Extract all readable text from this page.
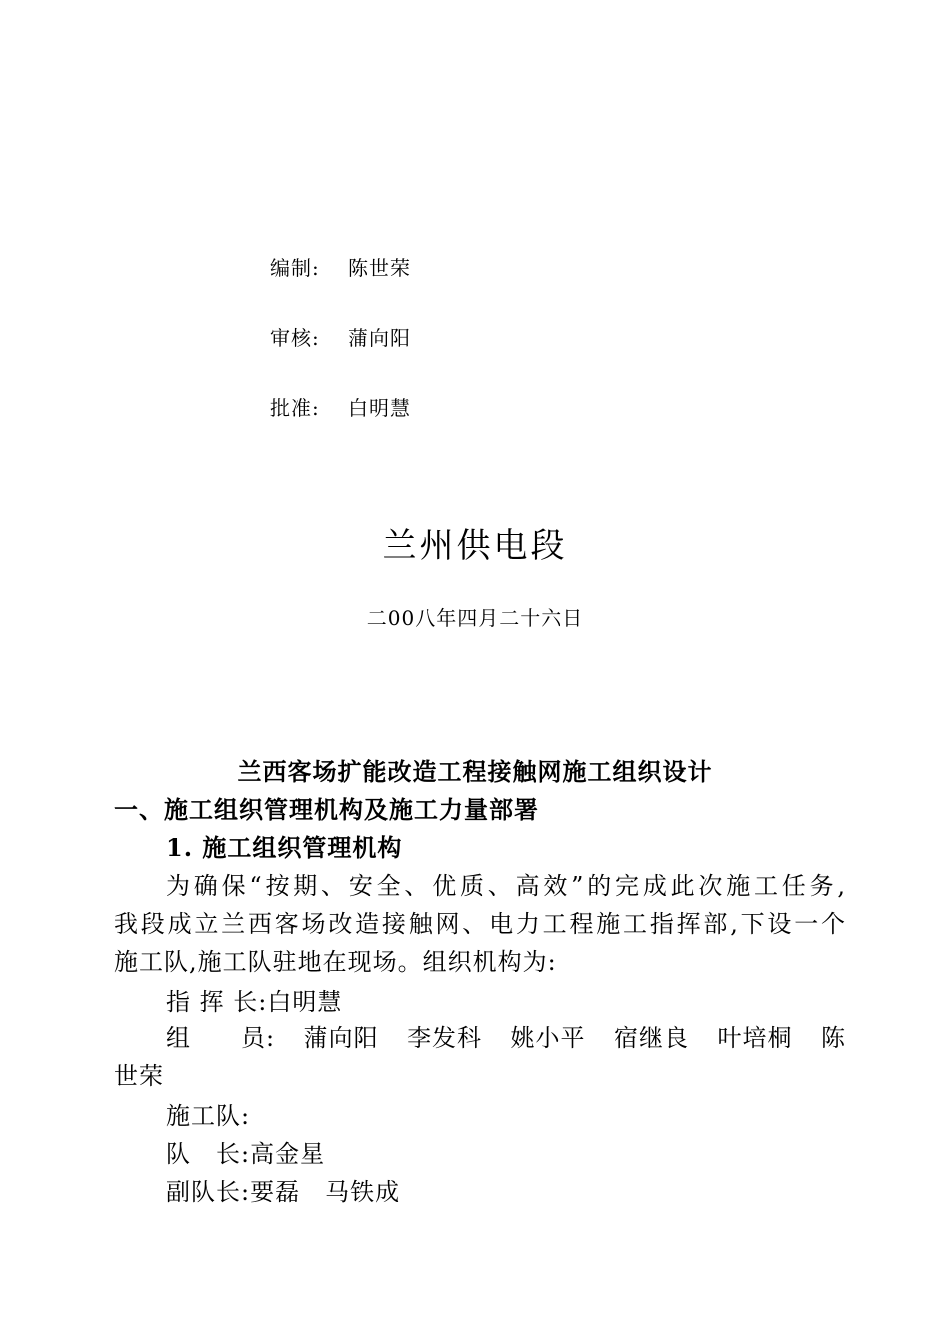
编制: 陈世荣
审核: 蒲向阳
批准: 白明慧
兰州供电段
二00八年四月二十六日
兰西客场扩能改造工程接触网施工组织设计
一、施工组织管理机构及施工力量部署
1. 施工组织管理机构
为确保“按期、安全、优质、高效”的完成此次施工任务,
我段成立兰西客场改造接触网、电力工程施工指挥部,下设一个
施工队,施工队驻地在现场。组织机构为:
指 挥 长:白明慧
组　　员: 蒲向阳 李发科 姚小平 宿继良 叶培桐 陈
世荣
施工队:
队　长:高金星
副队长:要磊　马铁成
